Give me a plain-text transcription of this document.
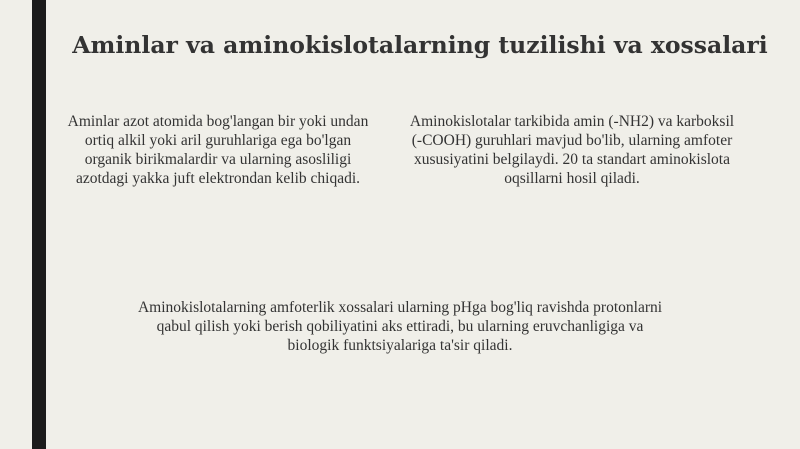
Aminlar va aminokislotalarning tuzilishi va xossalari
Aminlar azot atomida bog'langan bir yoki undan ortiq alkil yoki aril guruhlariga ega bo'lgan organik birikmalardir va ularning asosliligi azotdagi yakka juft elektrondan kelib chiqadi.
Aminokislotalar tarkibida amin (-NH2) va karboksil (-COOH) guruhlari mavjud bo'lib, ularning amfoter xususiyatini belgilaydi. 20 ta standart aminokislota oqsillarni hosil qiladi.
Aminokislotalarning amfoterlik xossalari ularning pHga bog'liq ravishda protonlarni qabul qilish yoki berish qobiliyatini aks ettiradi, bu ularning eruvchanligiga va biologik funktsiyalariga ta'sir qiladi.
